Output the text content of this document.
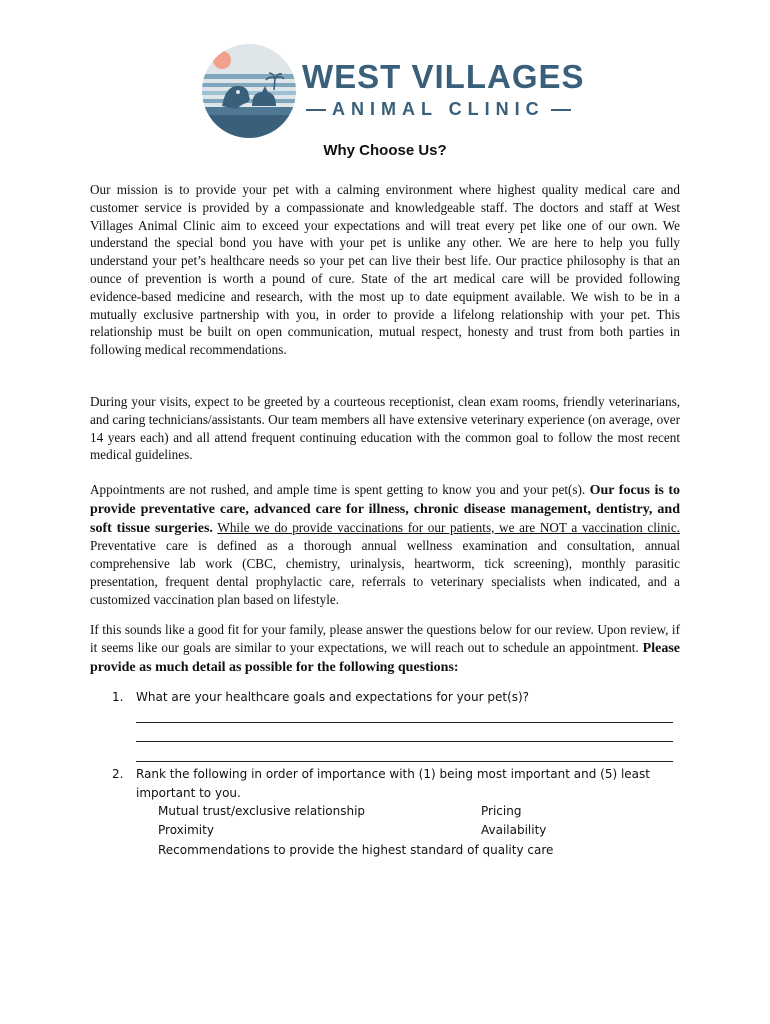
WEST VILLAGES
ANIMAL CLINIC
Why Choose Us?

Our mission is to provide your pet with a calming environment where highest quality medical care and customer service is provided by a compassionate and knowledgeable staff. The doctors and staff at West Villages Animal Clinic aim to exceed your expectations and will treat every pet like one of our own. We understand the special bond you have with your pet is unlike any other. We are here to help you fully understand your pet’s healthcare needs so your pet can live their best life. Our practice philosophy is that an ounce of prevention is worth a pound of cure. State of the art medical care will be provided following evidence-based medicine and research, with the most up to date equipment available. We wish to be in a mutually exclusive partnership with you, in order to provide a lifelong relationship with your pet. This relationship must be built on open communication, mutual respect, honesty and trust from both parties in following medical recommendations.

During your visits, expect to be greeted by a courteous receptionist, clean exam rooms, friendly veterinarians, and caring technicians/assistants. Our team members all have extensive veterinary experience (on average, over 14 years each) and all attend frequent continuing education with the common goal to follow the most recent medical guidelines.

Appointments are not rushed, and ample time is spent getting to know you and your pet(s). Our focus is to provide preventative care, advanced care for illness, chronic disease management, dentistry, and soft tissue surgeries. While we do provide vaccinations for our patients, we are NOT a vaccination clinic. Preventative care is defined as a thorough annual wellness examination and consultation, annual comprehensive lab work (CBC, chemistry, urinalysis, heartworm, tick screening), monthly parasitic presentation, frequent dental prophylactic care, referrals to veterinary specialists when indicated, and a customized vaccination plan based on lifestyle.

If this sounds like a good fit for your family, please answer the questions below for our review. Upon review, if it seems like our goals are similar to your expectations, we will reach out to schedule an appointment. Please provide as much detail as possible for the following questions:

1. What are your healthcare goals and expectations for your pet(s)?
2. Rank the following in order of importance with (1) being most important and (5) least important to you.
Mutual trust/exclusive relationship	Pricing
Proximity	Availability
Recommendations to provide the highest standard of quality care
